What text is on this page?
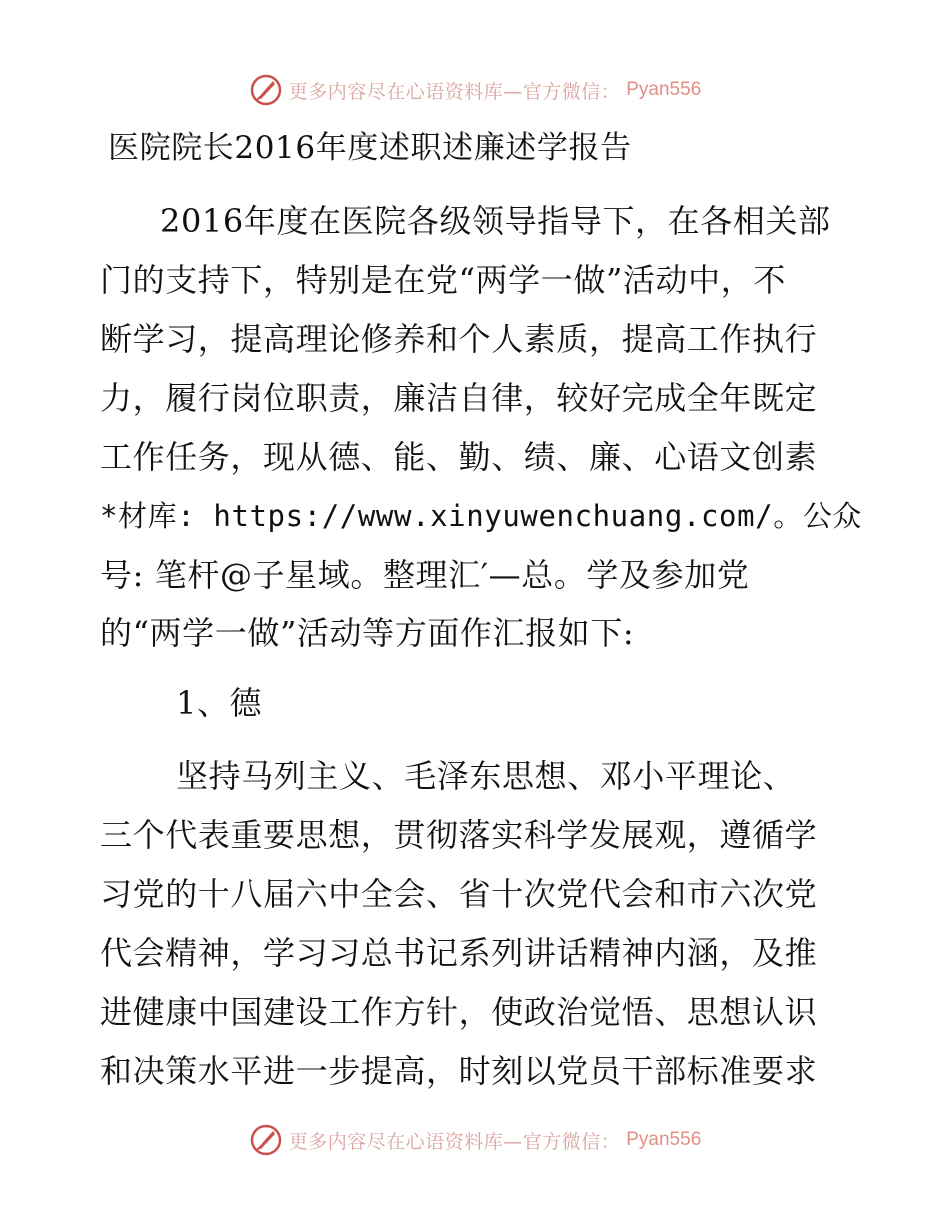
更多内容尽在心语资料库—官方微信： Pyan556
医院院长2016年度述职述廉述学报告
2016年度在医院各级领导指导下，在各相关部
门的支持下，特别是在党“两学一做”活动中，不
断学习，提高理论修养和个人素质，提高工作执行
力，履行岗位职责，廉洁自律，较好完成全年既定
工作任务，现从德、能、勤、绩、廉、心语文创素
*材库: https://www.xinyuwenchuang.com/。公众
号: 笔杆@子星域。整理汇′—总。学及参加党
的“两学一做”活动等方面作汇报如下:
1、德
坚持马列主义、毛泽东思想、邓小平理论、
三个代表重要思想，贯彻落实科学发展观，遵循学
习党的十八届六中全会、省十次党代会和市六次党
代会精神，学习习总书记系列讲话精神内涵，及推
进健康中国建设工作方针，使政治觉悟、思想认识
和决策水平进一步提高，时刻以党员干部标准要求
更多内容尽在心语资料库—官方微信： Pyan556
